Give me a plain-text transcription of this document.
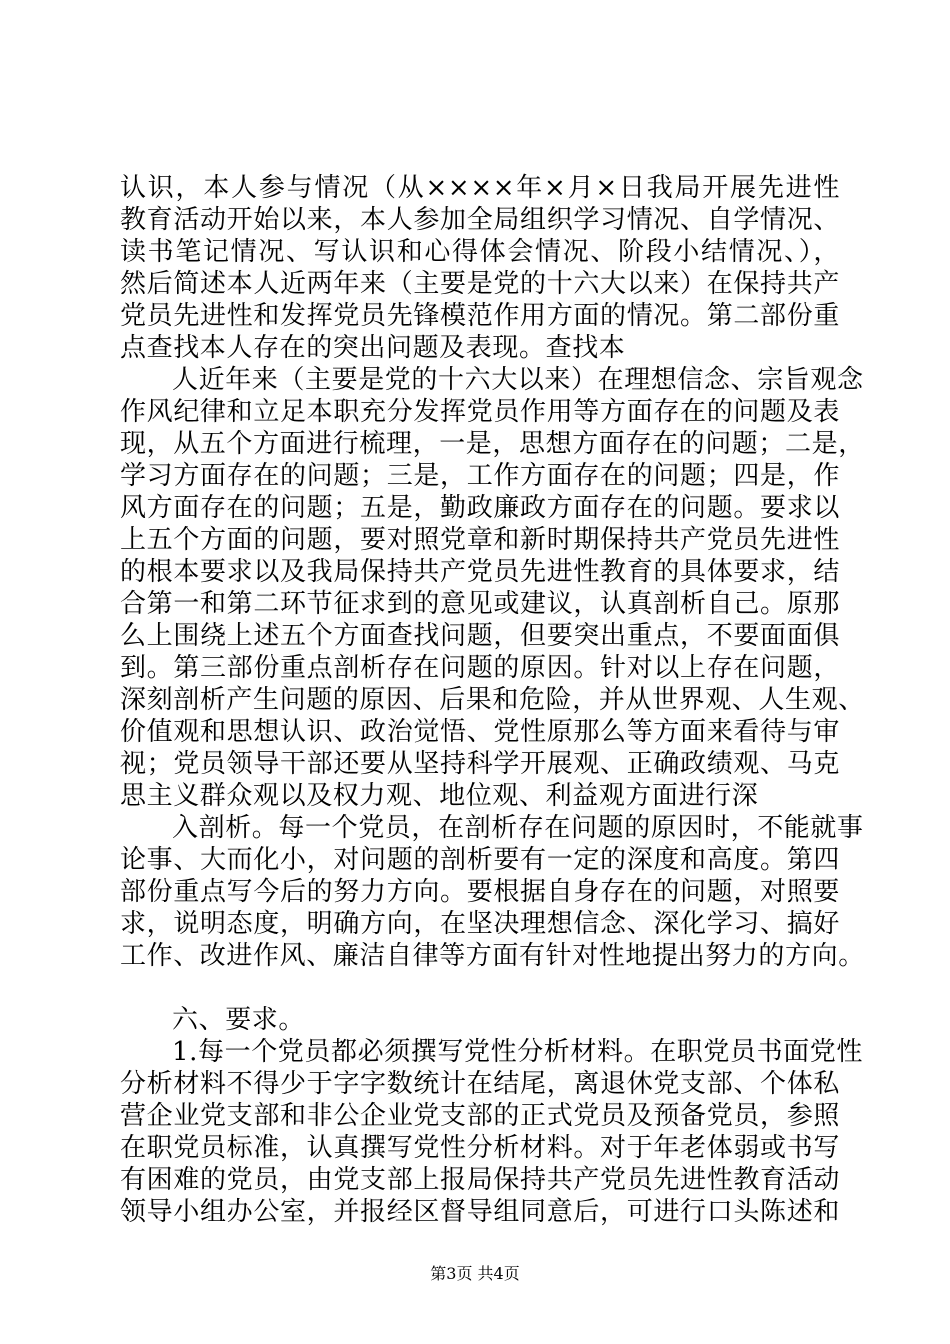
认识，本人参与情况（从××××年×月×日我局开展先进性
教育活动开始以来，本人参加全局组织学习情况、自学情况、
读书笔记情况、写认识和心得体会情况、阶段小结情况、），
然后简述本人近两年来（主要是党的十六大以来）在保持共产
党员先进性和发挥党员先锋模范作用方面的情况。第二部份重
点查找本人存在的突出问题及表现。查找本
人近年来（主要是党的十六大以来）在理想信念、宗旨观念
作风纪律和立足本职充分发挥党员作用等方面存在的问题及表
现，从五个方面进行梳理，一是，思想方面存在的问题；二是，
学习方面存在的问题；三是，工作方面存在的问题；四是，作
风方面存在的问题；五是，勤政廉政方面存在的问题。要求以
上五个方面的问题，要对照党章和新时期保持共产党员先进性
的根本要求以及我局保持共产党员先进性教育的具体要求，结
合第一和第二环节征求到的意见或建议，认真剖析自己。原那
么上围绕上述五个方面查找问题，但要突出重点，不要面面俱
到。第三部份重点剖析存在问题的原因。针对以上存在问题，
深刻剖析产生问题的原因、后果和危险，并从世界观、人生观、
价值观和思想认识、政治觉悟、党性原那么等方面来看待与审
视；党员领导干部还要从坚持科学开展观、正确政绩观、马克
思主义群众观以及权力观、地位观、利益观方面进行深
入剖析。每一个党员，在剖析存在问题的原因时，不能就事
论事、大而化小，对问题的剖析要有一定的深度和高度。第四
部份重点写今后的努力方向。要根据自身存在的问题，对照要
求，说明态度，明确方向，在坚决理想信念、深化学习、搞好
工作、改进作风、廉洁自律等方面有针对性地提出努力的方向。
六、要求。
1.每一个党员都必须撰写党性分析材料。在职党员书面党性
分析材料不得少于字字数统计在结尾，离退休党支部、个体私
营企业党支部和非公企业党支部的正式党员及预备党员，参照
在职党员标准，认真撰写党性分析材料。对于年老体弱或书写
有困难的党员，由党支部上报局保持共产党员先进性教育活动
领导小组办公室，并报经区督导组同意后，可进行口头陈述和
第3页 共4页
